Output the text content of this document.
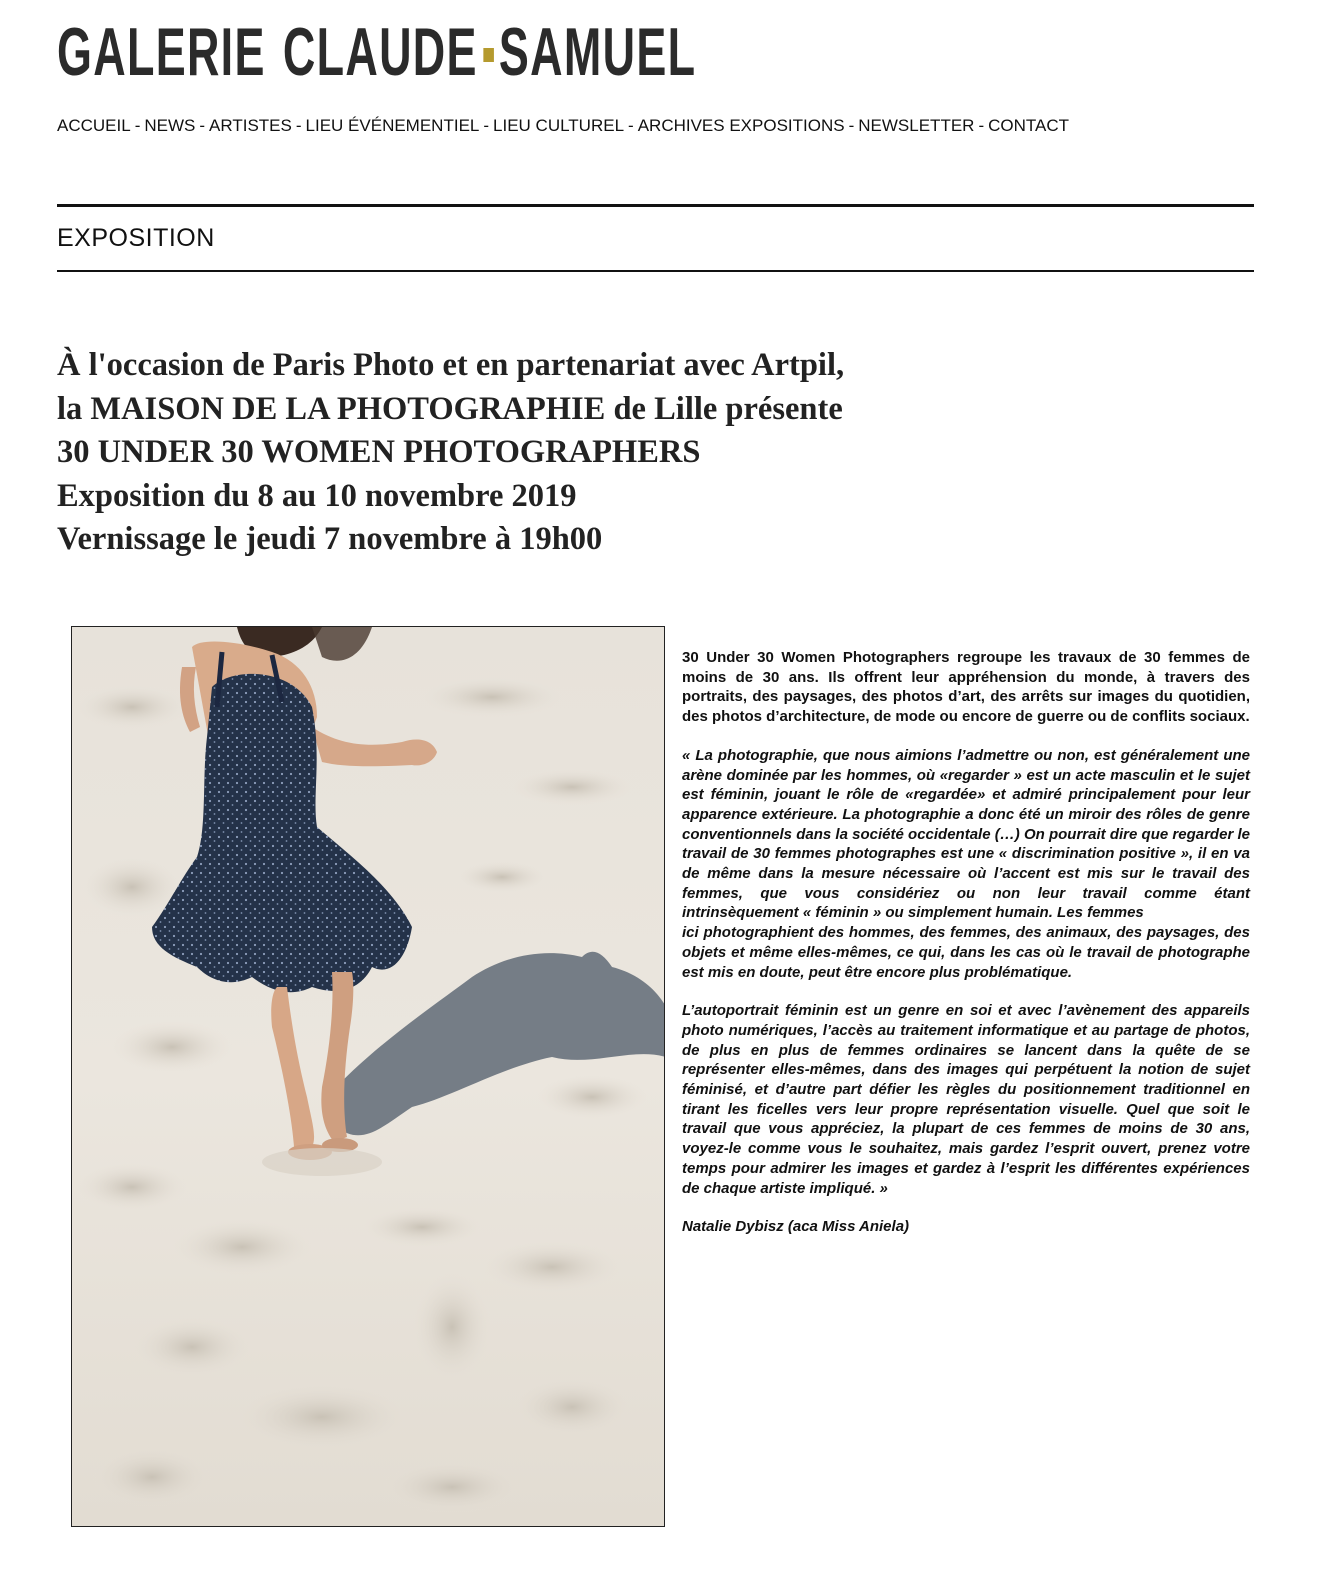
GALERIE CLAUDE SAMUEL
ACCUEIL - NEWS - ARTISTES - LIEU ÉVÉNEMENTIEL - LIEU CULTUREL - ARCHIVES EXPOSITIONS - NEWSLETTER - CONTACT
EXPOSITION
À l'occasion de Paris Photo et en partenariat avec Artpil,
la MAISON DE LA PHOTOGRAPHIE de Lille présente
30 UNDER 30 WOMEN PHOTOGRAPHERS
Exposition du 8 au 10 novembre 2019
Vernissage le jeudi 7 novembre à 19h00

30 Under 30 Women Photographers regroupe les travaux de 30 femmes de moins de 30 ans. Ils offrent leur appréhension du monde, à travers des portraits, des paysages, des photos d’art, des arrêts sur images du quotidien, des photos d’architecture, de mode ou encore de guerre ou de conflits sociaux.

« La photographie, que nous aimions l’admettre ou non, est généralement une arène dominée par les hommes, où «regarder » est un acte masculin et le sujet est féminin, jouant le rôle de «regardée» et admiré principalement pour leur apparence extérieure. La photographie a donc été un miroir des rôles de genre conventionnels dans la société occidentale (…) On pourrait dire que regarder le travail de 30 femmes photographes est une « discrimination positive », il en va de même dans la mesure nécessaire où l’accent est mis sur le travail des femmes, que vous considériez ou non leur travail comme étant intrinsèquement « féminin » ou simplement humain. Les femmes

ici photographient des hommes, des femmes, des animaux, des paysages, des objets et même elles-mêmes, ce qui, dans les cas où le travail de photographe est mis en doute, peut être encore plus problématique.

L’autoportrait féminin est un genre en soi et avec l’avènement des appareils photo numériques, l’accès au traitement informatique et au partage de photos, de plus en plus de femmes ordinaires se lancent dans la quête de se représenter elles-mêmes, dans des images qui perpétuent la notion de sujet féminisé, et d’autre part défier les règles du positionnement traditionnel en tirant les ficelles vers leur propre représentation visuelle. Quel que soit le travail que vous appréciez, la plupart de ces femmes de moins de 30 ans, voyez-le comme vous le souhaitez, mais gardez l’esprit ouvert, prenez votre temps pour admirer les images et gardez à l’esprit les différentes expériences de chaque artiste impliqué. »

Natalie Dybisz (aca Miss Aniela)
